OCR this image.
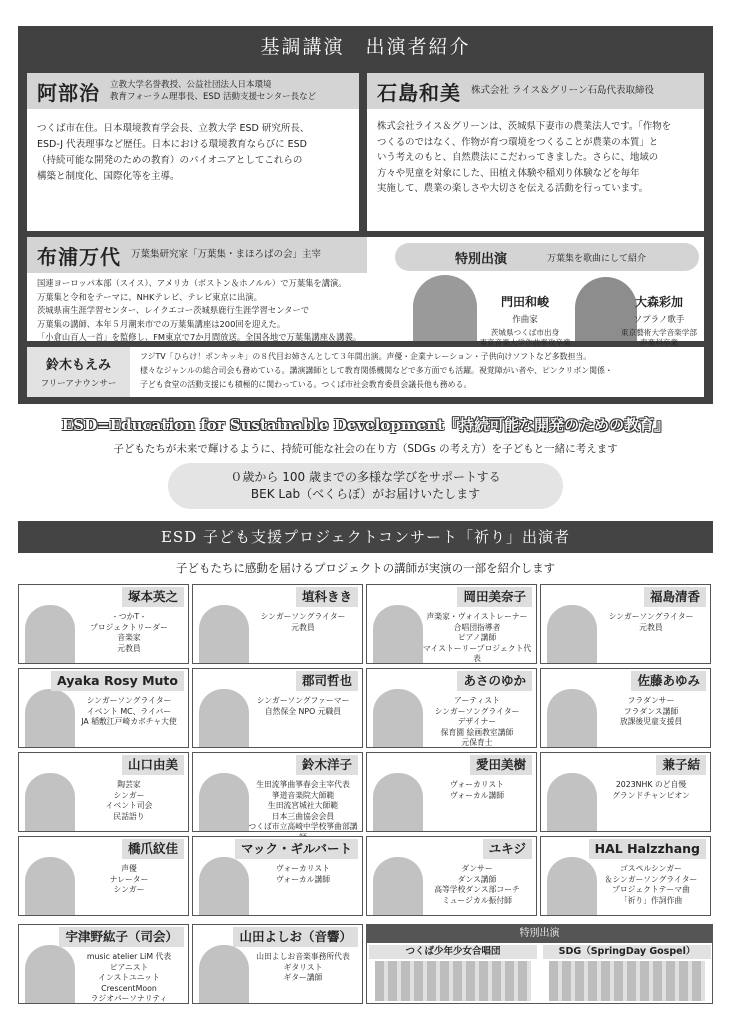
基調講演　出演者紹介
阿部治 立教大学名誉教授、公益社団法人日本環境
教育フォーラム理事長、ESD 活動支援センター長など
つくば市在住。日本環境教育学会長、立教大学 ESD 研究所長、
ESD-J 代表理事など歴任。日本における環境教育ならびに ESD
（持続可能な開発のための教育）のパイオニアとしてこれらの
構築と制度化、国際化等を主導。
石島和美 株式会社 ライス＆グリーン石島代表取締役
株式会社ライス＆グリーンは、茨城県下妻市の農業法人です。「作物を
つくるのではなく、作物が育つ環境をつくることが農業の本質」と
いう考えのもと、自然農法にこだわってきました。さらに、地域の
方々や児童を対象にした、田植え体験や稲刈り体験などを毎年
実施して、農業の楽しさや大切さを伝える活動を行っています。
布浦万代 万葉集研究家「万葉集・まほろばの会」主宰
国連ヨーロッパ本部（スイス）、アメリカ（ボストン＆ホノルル）で万葉集を講演。
万葉集と令和をテーマに、NHKテレビ、テレビ東京に出演。
茨城県南生涯学習センター、レイクエコー茨城県鹿行生涯学習センターで
万葉集の講師、本年５月潮来市での万葉集講座は200回を迎えた。
「小倉山百人一首」を監修し、FM東京で7か月間放送。全国各地で万葉集講座＆講義。
特別出演	万葉集を歌曲にして紹介
門田和峻
作曲家
茨城県つくば市出身
東京音楽大学作曲専攻卒業
大森彩加
ソプラノ歌手
東京藝術大学音楽学部
声楽科卒業
鈴木もえみ
フリーアナウンサー
フジTV「ひらけ！ポンキッキ」の８代目お姉さんとして３年間出演。声優・企業ナレーション・子供向けソフトなど多数担当。
様々なジャンルの総合司会も務めている。講演講師として教育関係機関などで多方面でも活躍。視覚障がい者や、ピンクリボン関係・
子ども食堂の活動支援にも積極的に関わっている。つくば市社会教育委員会議長他も務める。
ESD=Education for Sustainable Development『持続可能な開発のための教育』
子どもたちが未来で輝けるように、持続可能な社会の在り方（SDGs の考え方）を子どもと一緒に考えます
０歳から 100 歳までの多様な学びをサポートする
BEK Lab（べくらぼ）がお届けいたします
ESD 子ども支援プロジェクトコンサート「祈り」出演者
子どもたちに感動を届けるプロジェクトの講師が実演の一部を紹介します
塚本英之
- つかT -
プロジェクトリーダー
音楽家
元教員
埴科きき
シンガーソングライター
元教員
岡田美奈子
声楽家・ヴォイストレーナー
合唱団指導者
ピアノ講師
マイストーリープロジェクト代表
福島清香
シンガーソングライター
元教員
Ayaka Rosy Muto
シンガーソングライター
イベント MC、ライバー
JA 稲敷江戸崎カボチャ大使
郡司哲也
シンガーソングファーマー
自然保全 NPO 元職員
あさのゆか
アーティスト
シンガーソングライター
デザイナー
保育園 絵画教室講師
元保育士
佐藤あゆみ
フラダンサー
フラダンス講師
放課後児童支援員
山口由美
陶芸家
シンガー
イベント司会
民話語り
鈴木洋子
生田流箏曲箏春会主宰代表
箏道音楽院大師範
生田流宮城社大師範
日本三曲協会会員
つくば市立高崎中学校箏曲部講
愛田美樹
ヴォーカリスト
ヴォーカル講師
兼子結
2023NHK のど自慢
グランドチャンピオン
橋爪紋佳
声優
ナレーター
シンガー
マック・ギルバート
ヴォーカリスト
ヴォーカル講師
ユキジ
ダンサー
ダンス講師
高等学校ダンス部コーチ
ミュージカル振付師
HAL Halzzhang
ゴスペルシンガー
＆シンガーソングライター
プロジェクトテーマ曲
「祈り」作詞作曲
宇津野紘子（司会）
music atelier LiM 代表
ピアニスト
インストユニットCrescentMoon
ラジオパーソナリティ
山田よしお（音響）
山田よしお音楽事務所代表
ギタリスト
ギター講師
特別出演
つくば少年少女合唱団	SDG（SpringDay Gospel）
